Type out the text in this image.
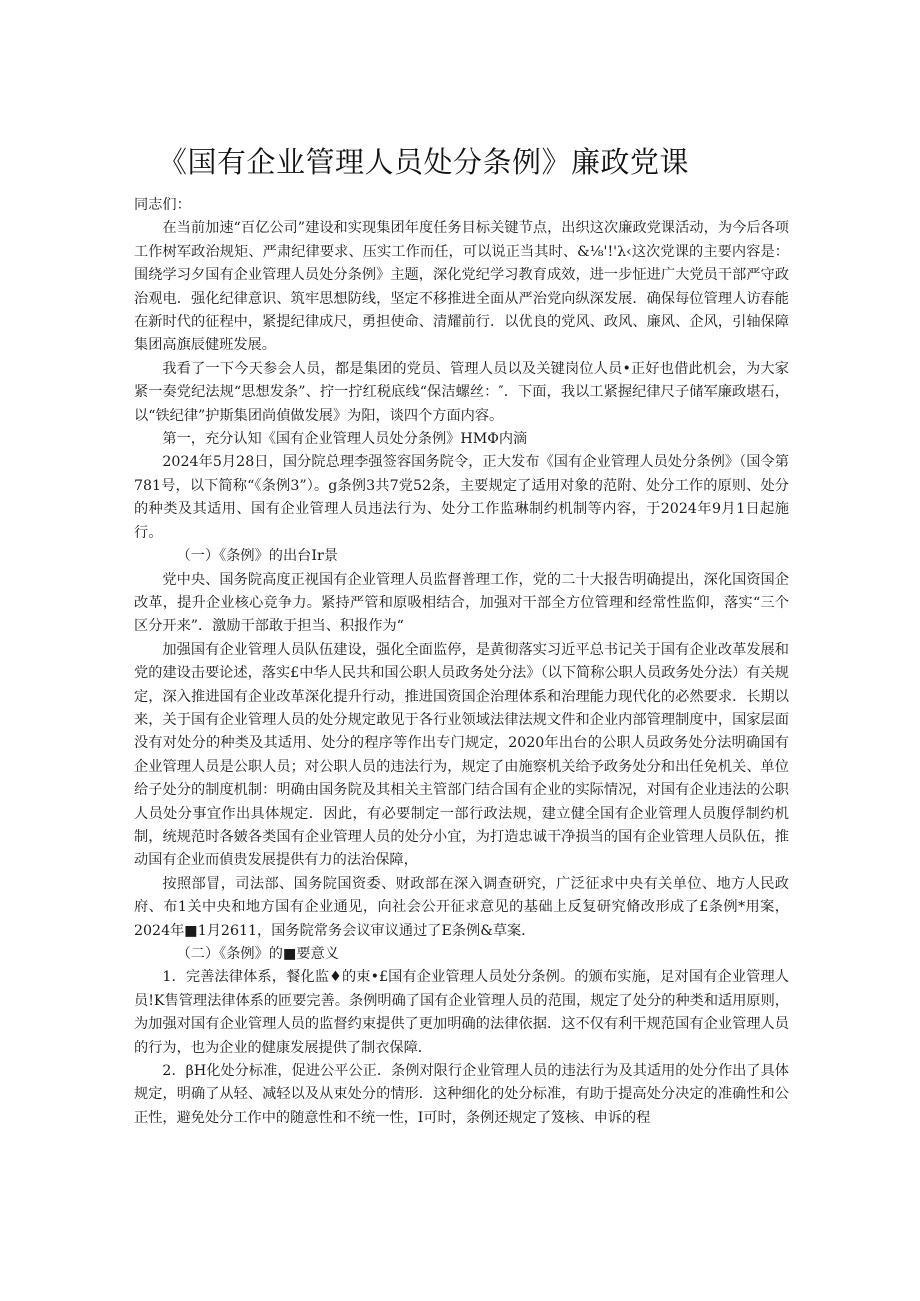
《国有企业管理人员处分条例》廉政党课

同志们：

在当前加速“百亿公司”建设和实现集团年度任务目标关键节点，出织这次廉政党课活动，为今后各项工作树军政治规矩、严肃纪律要求、压实工作而任，可以说正当其时、&⅛'!'λ‹这次党课的主要内容是：围绕学习夕国有企业管理人员处分条例》主题，深化党纪学习教育成效，进一步怔进广大党员干部严守政治观电．强化纪律意识、筑牢思想防线，坚定不移推进全面从严治党向纵深发展．确保每位管理人访春能在新时代的征程中，紧提纪律成尺，勇担使命、清耀前行．以优良的党风、政风、廉风、企风，引轴保障集团高旗辰健班发展。

我看了一下今天参会人员，都是集团的党员、管理人员以及关键岗位人员•正好也借此机会，为大家紧一奏党纪法规“思想发条”、拧一拧红税底线“保洁螺丝：″．下面，我以工紧握纪律尺子储军廉政堪石，以“铁纪律”护斯集团尚偵做发展》为阳，谈四个方面内容。

第一，充分认知《国有企业管理人员处分条例》HMΦ内滴

2024年5月28日，国分院总理李强签容国务院令，正大发布《国有企业管理人员处分条例》（国令第781号，以下简称“《条例3”）。g条例3共7党52条，主要规定了适用对象的范附、处分工作的原则、处分的种类及其适用、国有企业管理人员违法行为、处分工作监琳制约机制等内容，于2024年9月1日起施行。

（一）《条例》的出台Ir景

党中央、国务院高度正视国有企业管理人员监督普理工作，党的二十大报告明确提出，深化国资国企改革，提升企业核心竞争力。紧持严管和原吸相结合，加强对干部全方位管理和经常性监仰，落实“三个区分开来”．激励干部敢于担当、积报作为“

加强国有企业管理人员队伍建设，强化全面监停，是黄彻落实习近平总书记关于国有企业改革发展和党的建设击要论述，落实£中华人民共和国公职人员政务处分法》（以下简称公职人员政务处分法）有关规定，深入推进国有企业改革深化提升行动，推进国资国企治理体系和治理能力现代化的必然要求．长期以来，关于国有企业管理人员的处分规定敢见于各行业领域法律法规文件和企业内部管理制度中，国家层面没有对处分的种类及其适用、处分的程序等作出专门规定，2020年出台的公职人员政务处分法明确国有企业管理人员是公职人员；对公职人员的违法行为，规定了由施察机关给予政务处分和出任免机关、单位给子处分的制度机制：明确由国务院及其相关主管部门结合国有企业的实际情况，对国有企业违法的公职人员处分事宜作出具体规定．因此，有必要制定一部行政法规，建立健全国有企业管理人员腹俘制约机制，统规范时各皴各类国有企业管理人员的处分小宜，为打造忠诚干净损当的国有企业管理人员队伍，推动国有企业而偵贵发展提供有力的法治保障，

按照部冒，司法部、国务院国资委、财政部在深入调查研究，广泛征求中央有关单位、地方人民政府、布1关中央和地方国有企业通见，向社会公开征求意见的基础上反复研究脩改形成了£条例*用案，2024年■1月2611，国务院常务会议审议通过了E条例&草案．

（二）《条例》的■要意义

1．完善法律体系，餐化监♦的束•£国有企业管理人员处分条例。的颁布实施，足对国有企业管理人员!K售管理法律体系的匝要完善。条例明确了国有企业管理人员的范围，规定了处分的种类和适用原则，为加强对国有企业管理人员的监督约束提供了更加明确的法律依据．这不仅有利干规范国有企业管理人员的行为，也为企业的健康发展提供了制衣保障．

2．βH化处分标准，促进公平公正．条例对限行企业管理人员的违法行为及其适用的处分作出了具体规定，明确了从轻、减轻以及从束处分的情形．这种细化的处分标准，有助于提高处分决定的准确性和公正性，避免处分工作中的随意性和不统一性，I可时，条例还规定了笈核、申诉的程
